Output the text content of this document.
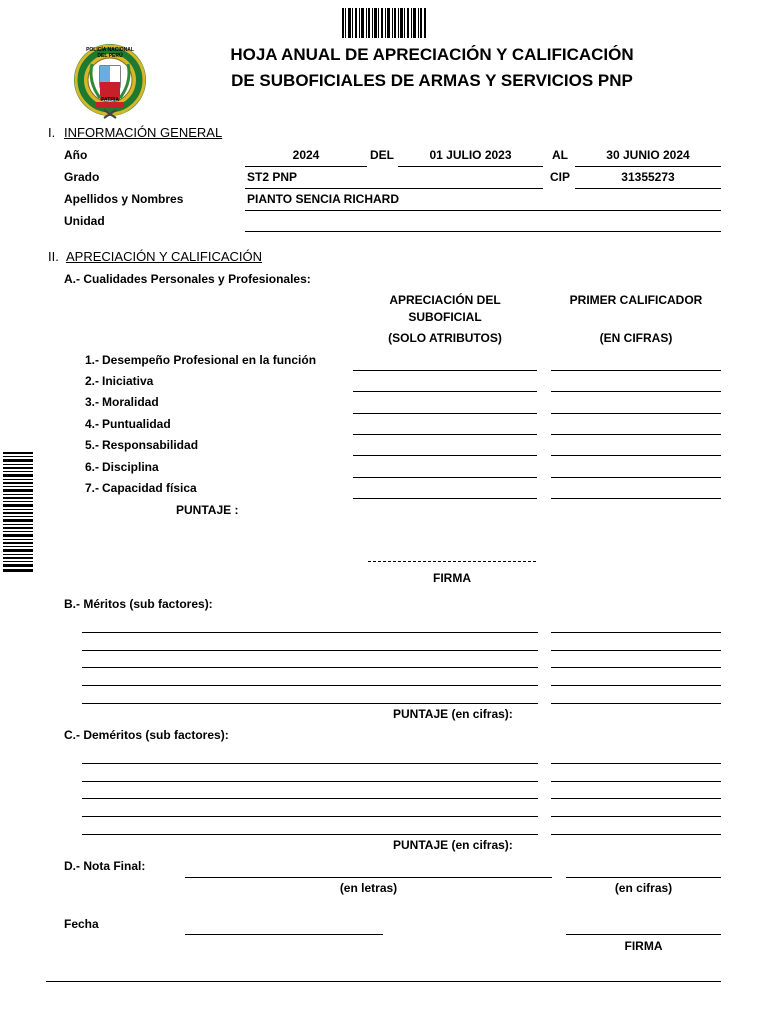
POLICÍA NACIONAL DEL PERÚ
PATRIA
HOJA ANUAL DE APRECIACIÓN Y CALIFICACIÓN
DE SUBOFICIALES DE ARMAS Y SERVICIOS PNP
I. INFORMACIÓN GENERAL
Año	2024	DEL	01 JULIO 2023	AL	30 JUNIO 2024
Grado	ST2 PNP	CIP	31355273
Apellidos y Nombres	PIANTO SENCIA RICHARD
Unidad
II. APRECIACIÓN Y CALIFICACIÓN
A.- Cualidades Personales y Profesionales:
APRECIACIÓN DEL
SUBOFICIAL
(SOLO ATRIBUTOS)
PRIMER CALIFICADOR
(EN CIFRAS)
1.- Desempeño Profesional en la función
2.- Iniciativa
3.- Moralidad
4.- Puntualidad
5.- Responsabilidad
6.- Disciplina
7.- Capacidad física
PUNTAJE :
FIRMA
B.- Méritos (sub factores):
PUNTAJE (en cifras):
C.- Deméritos (sub factores):
PUNTAJE (en cifras):
D.- Nota Final:
(en letras)	(en cifras)
Fecha
FIRMA
